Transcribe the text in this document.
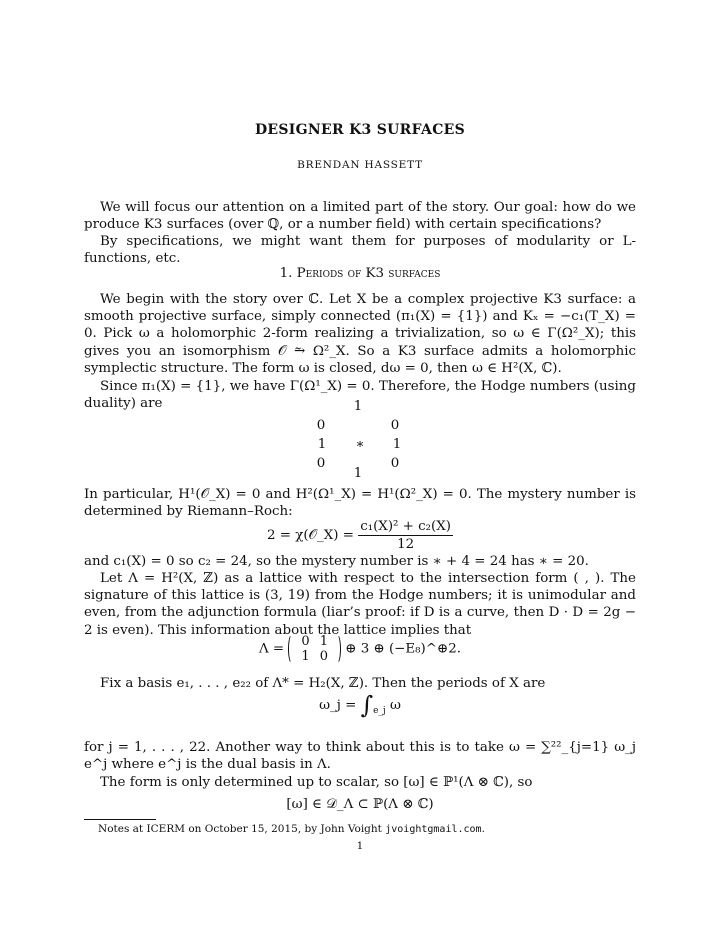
DESIGNER K3 SURFACES
BRENDAN HASSETT
We will focus our attention on a limited part of the story. Our goal: how do we produce K3 surfaces (over ℚ, or a number field) with certain specifications?
By specifications, we might want them for purposes of modularity or L-functions, etc.
1. Periods of K3 surfaces
We begin with the story over ℂ. Let X be a complex projective K3 surface: a smooth projective surface, simply connected (π₁(X) = {1}) and Kₓ = −c₁(T_X) = 0. Pick ω a holomorphic 2-form realizing a trivialization, so ω ∈ Γ(Ω²_X); this gives you an isomorphism 𝒪 ⥲ Ω²_X. So a K3 surface admits a holomorphic symplectic structure. The form ω is closed, dω = 0, then ω ∈ H²(X, ℂ).
Since π₁(X) = {1}, we have Γ(Ω¹_X) = 0. Therefore, the Hodge numbers (using duality) are	1
0	0
1	∗	1
0	0
1
In particular, H¹(𝒪_X) = 0 and H²(Ω¹_X) = H¹(Ω²_X) = 0. The mystery number is determined by Riemann–Roch:
2 = χ(𝒪_X) = $\frac{\text{c₁(X)² + c₂(X)}}{12}$
and c₁(X) = 0 so c₂ = 24, so the mystery number is ∗ + 4 = 24 has ∗ = 20.
Let Λ = H²(X, ℤ) as a lattice with respect to the intersection form ( , ). The signature of this lattice is (3, 19) from the Hodge numbers; it is unimodular and even, from the adjunction formula (liar’s proof: if D is a curve, then D · D = 2g − 2 is even). This information about the lattice implies that
Λ = 0	1
1	0 ⊕ 3 ⊕ (−E₈)^⊕2.
Fix a basis e₁, . . . , e₂₂ of Λ* = H₂(X, ℤ). Then the periods of X are
ω_j = $\int_{e\_j}$ ω
for j = 1, . . . , 22. Another way to think about this is to take ω = ∑²²_{j=1} ω_j e^j where e^j is the dual basis in Λ.
The form is only determined up to scalar, so [ω] ∈ ℙ¹(Λ ⊗ ℂ), so
[ω] ∈ 𝒟_Λ ⊂ ℙ(Λ ⊗ ℂ)
Notes at ICERM on October 15, 2015, by John Voight jvoightgmail.com.
1
